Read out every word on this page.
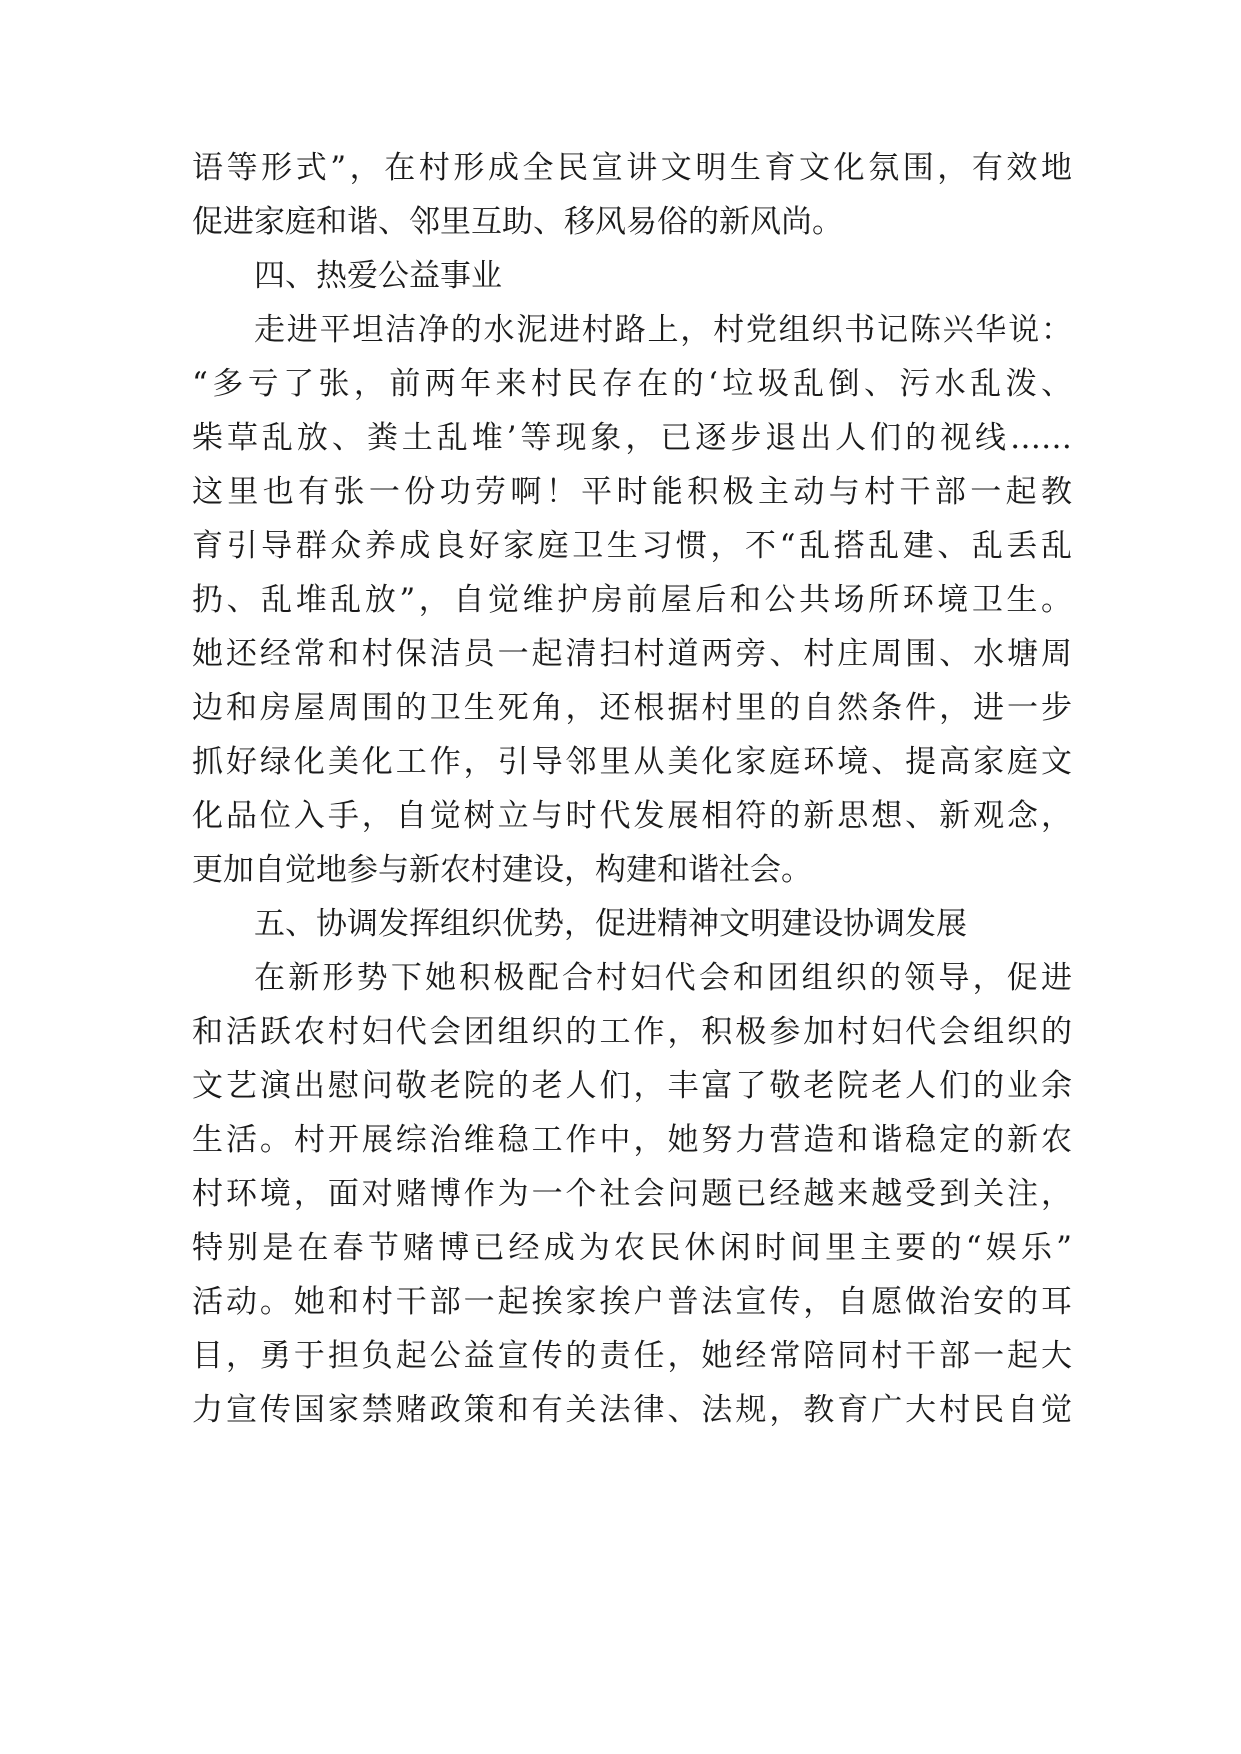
语等形式”，在村形成全民宣讲文明生育文化氛围，有效地
促进家庭和谐、邻里互助、移风易俗的新风尚。
四、热爱公益事业
走进平坦洁净的水泥进村路上，村党组织书记陈兴华说：
“多亏了张，前两年来村民存在的‘垃圾乱倒、污水乱泼、
柴草乱放、粪土乱堆’等现象，已逐步退出人们的视线……
这里也有张一份功劳啊！平时能积极主动与村干部一起教
育引导群众养成良好家庭卫生习惯，不“乱搭乱建、乱丢乱
扔、乱堆乱放”，自觉维护房前屋后和公共场所环境卫生。
她还经常和村保洁员一起清扫村道两旁、村庄周围、水塘周
边和房屋周围的卫生死角，还根据村里的自然条件，进一步
抓好绿化美化工作，引导邻里从美化家庭环境、提高家庭文
化品位入手，自觉树立与时代发展相符的新思想、新观念，
更加自觉地参与新农村建设，构建和谐社会。
五、协调发挥组织优势，促进精神文明建设协调发展
在新形势下她积极配合村妇代会和团组织的领导，促进
和活跃农村妇代会团组织的工作，积极参加村妇代会组织的
文艺演出慰问敬老院的老人们，丰富了敬老院老人们的业余
生活。村开展综治维稳工作中，她努力营造和谐稳定的新农
村环境，面对赌博作为一个社会问题已经越来越受到关注，
特别是在春节赌博已经成为农民休闲时间里主要的“娱乐”
活动。她和村干部一起挨家挨户普法宣传，自愿做治安的耳
目，勇于担负起公益宣传的责任，她经常陪同村干部一起大
力宣传国家禁赌政策和有关法律、法规，教育广大村民自觉
